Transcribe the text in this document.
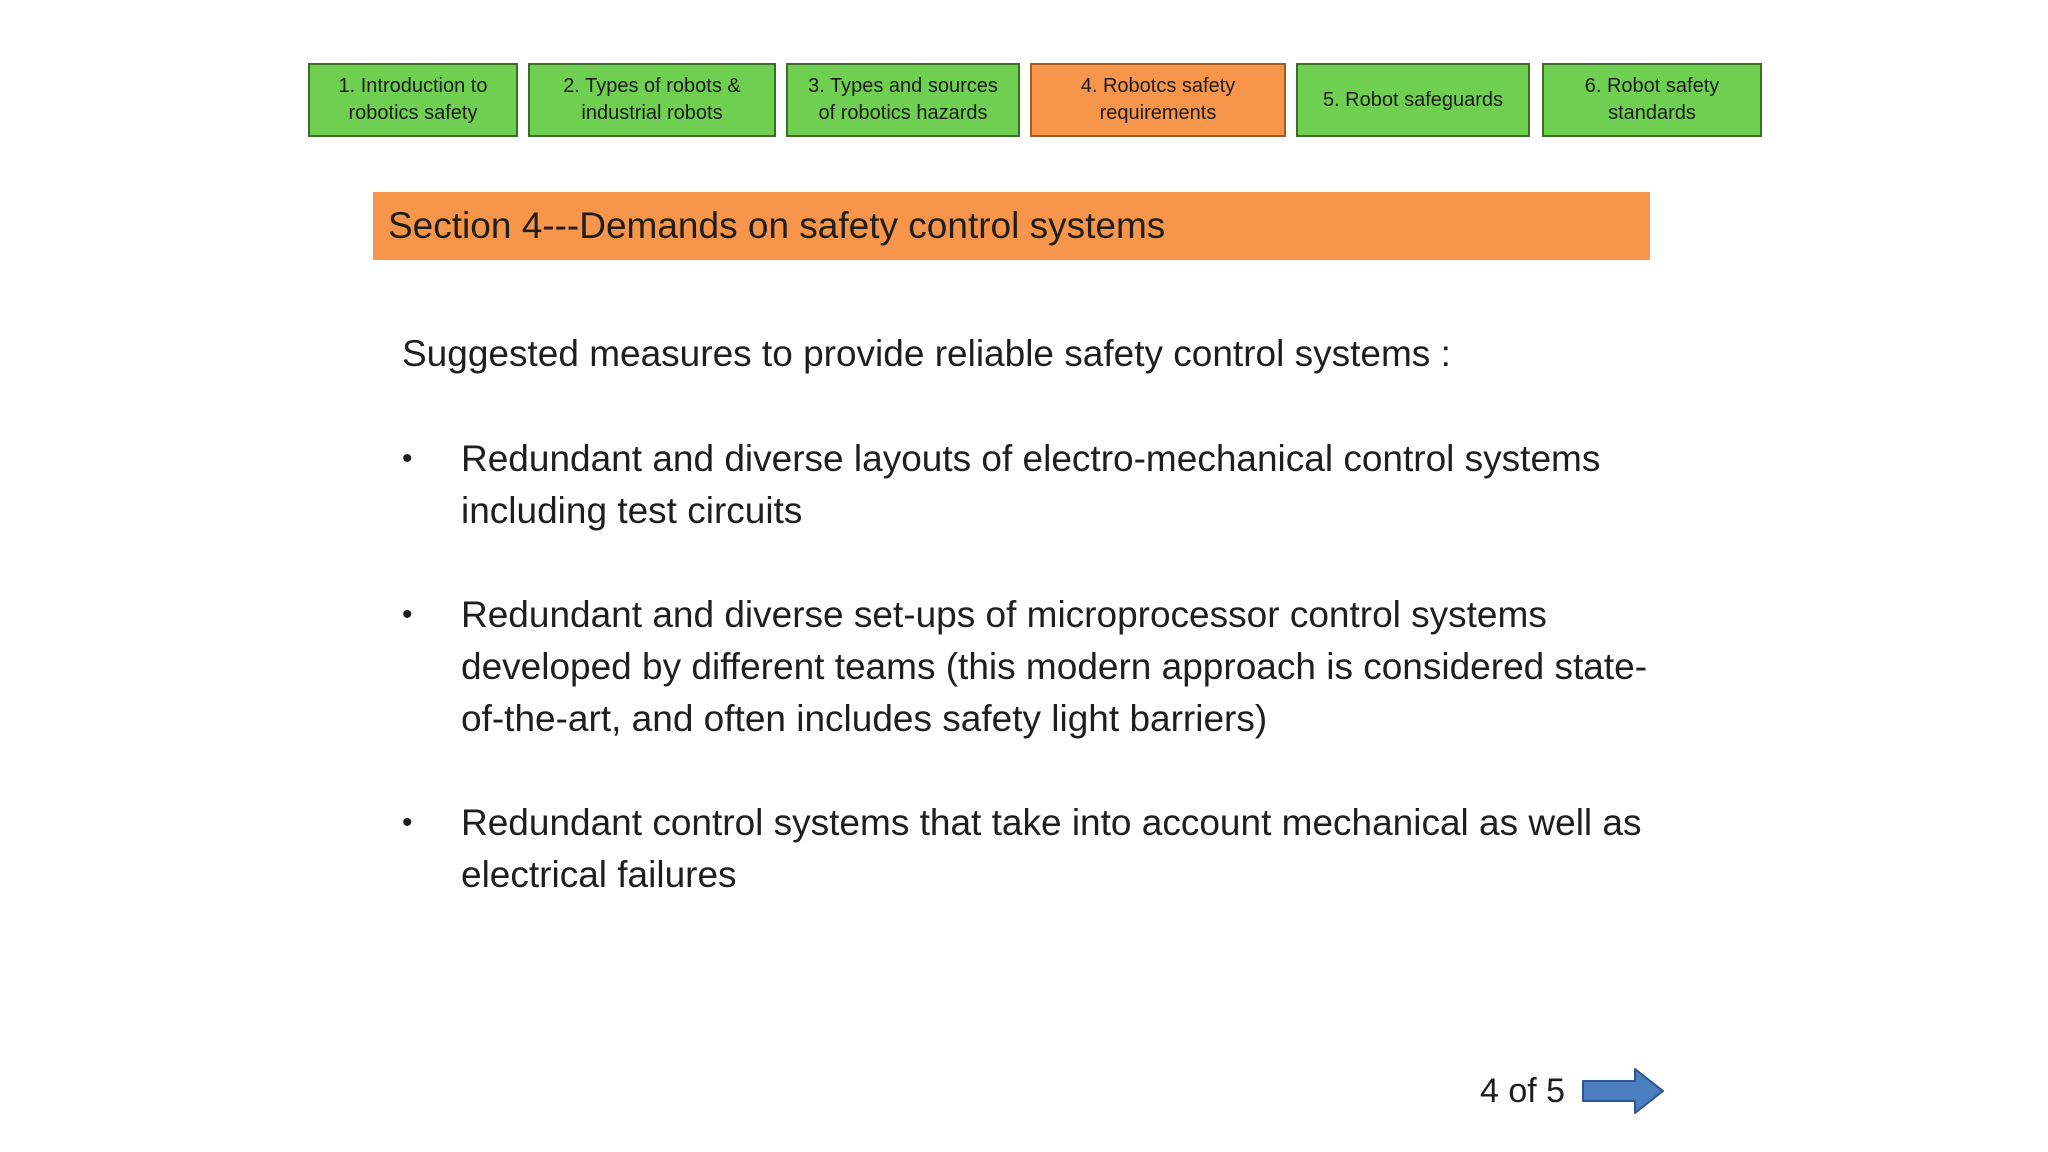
1. Introduction to
robotics safety
2. Types of robots &
industrial robots
3. Types and sources
of robotics hazards
4. Robotcs safety
requirements
5. Robot safeguards
6. Robot safety
standards
Section 4---Demands on safety control systems
Suggested measures to provide reliable safety control systems :
• Redundant and diverse layouts of electro-mechanical control systems including test circuits
• Redundant and diverse set-ups of microprocessor control systems developed by different teams (this modern approach is considered state-of-the-art, and often includes safety light barriers)
• Redundant control systems that take into account mechanical as well as electrical failures
4 of 5
